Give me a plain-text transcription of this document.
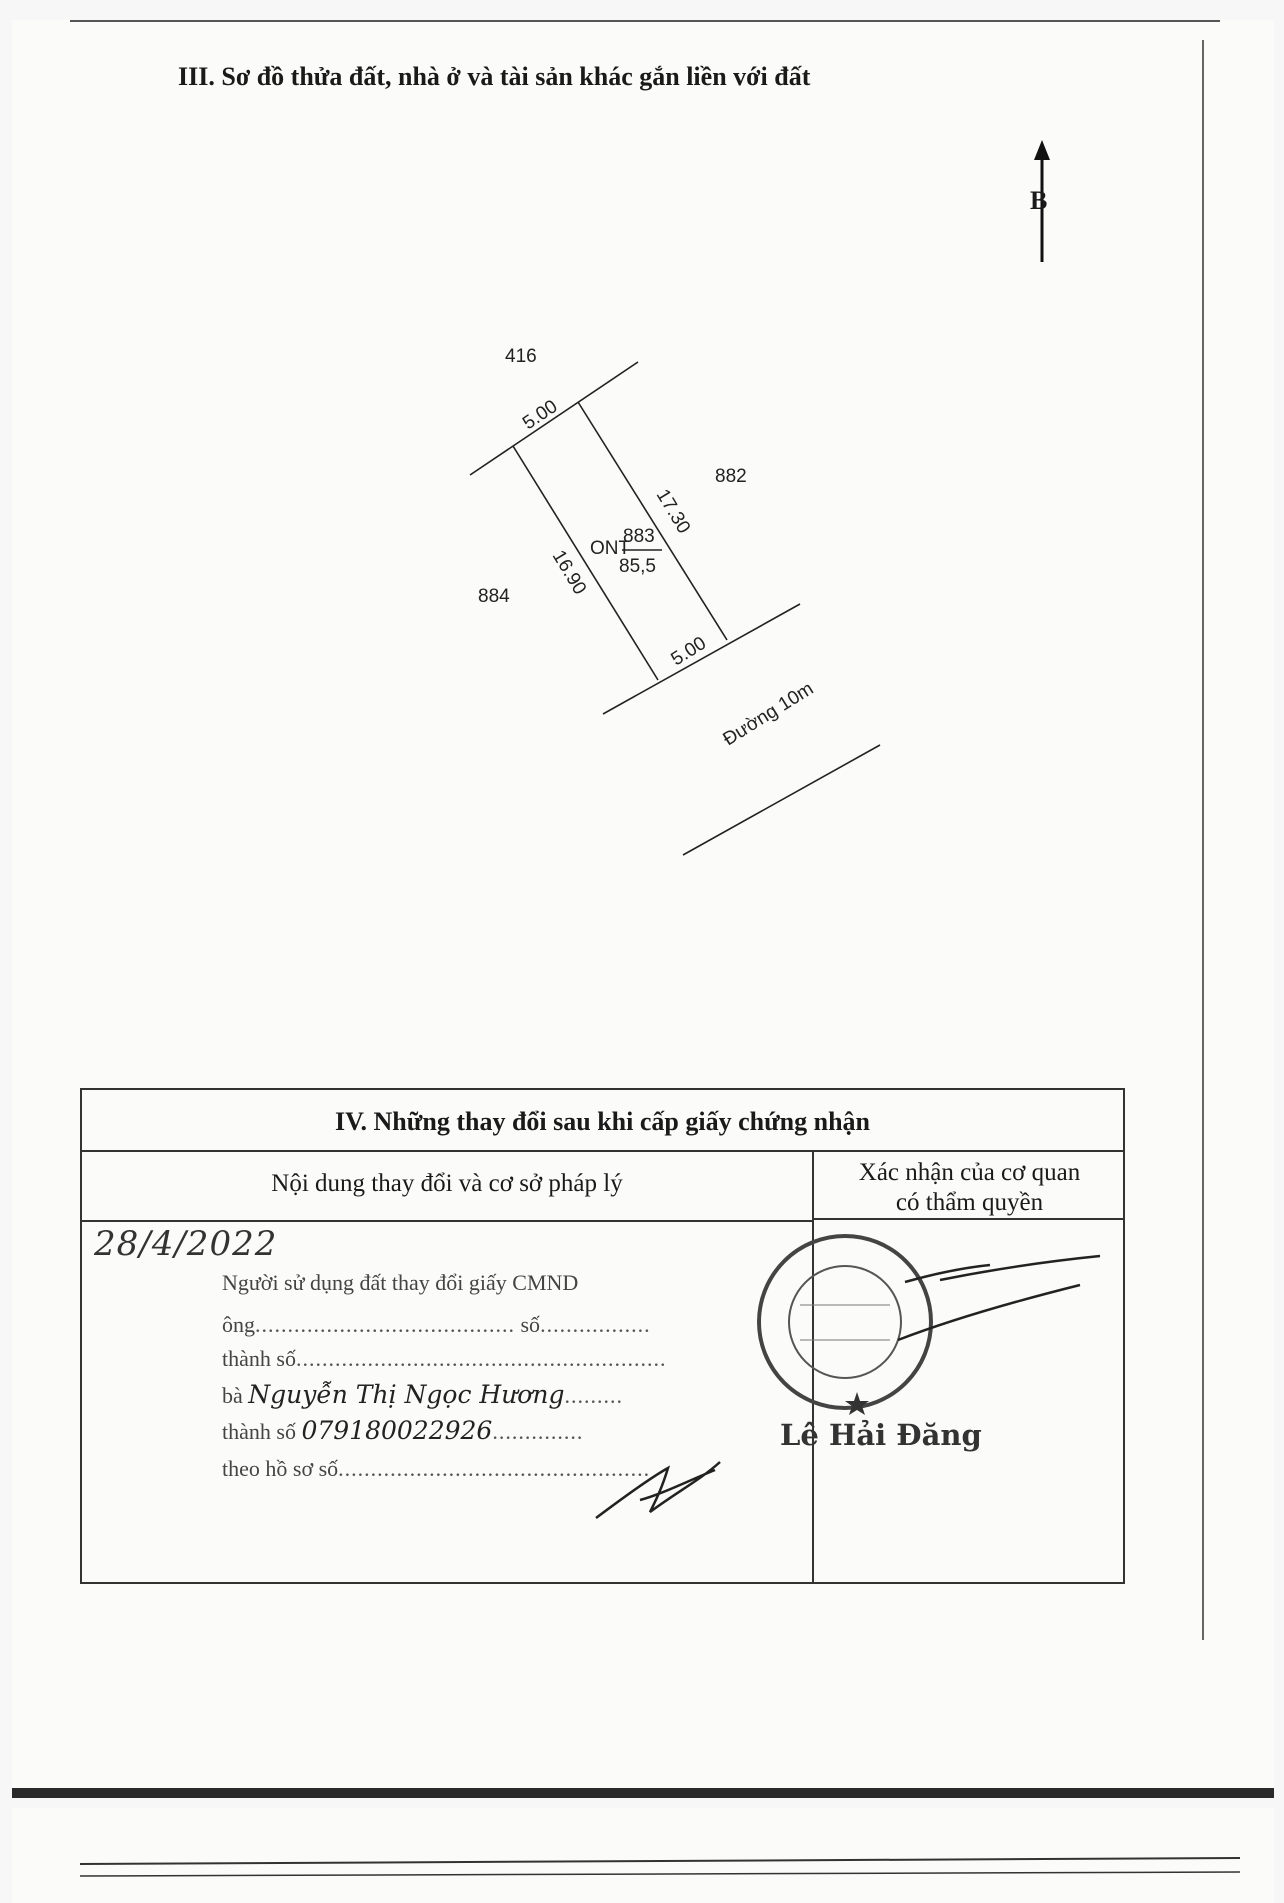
III. Sơ đồ thửa đất, nhà ở và tài sản khác gắn liền với đất
416
882
884
5.00
17.30
16.90
5.00
ONT
883
85,5
Đường 10m
B
IV. Những thay đổi sau khi cấp giấy chứng nhận
Nội dung thay đổi và cơ sở pháp lý	Xác nhận của cơ quan
có thẩm quyền
28/4/2022
Người sử dụng đất thay đổi giấy CMND
ông........................................ số.................
thành số.........................................................
bà Nguyễn Thị Ngọc Hương.........
thành số 079180022926..............
theo hồ sơ số................................................
Lê Hải Đăng
